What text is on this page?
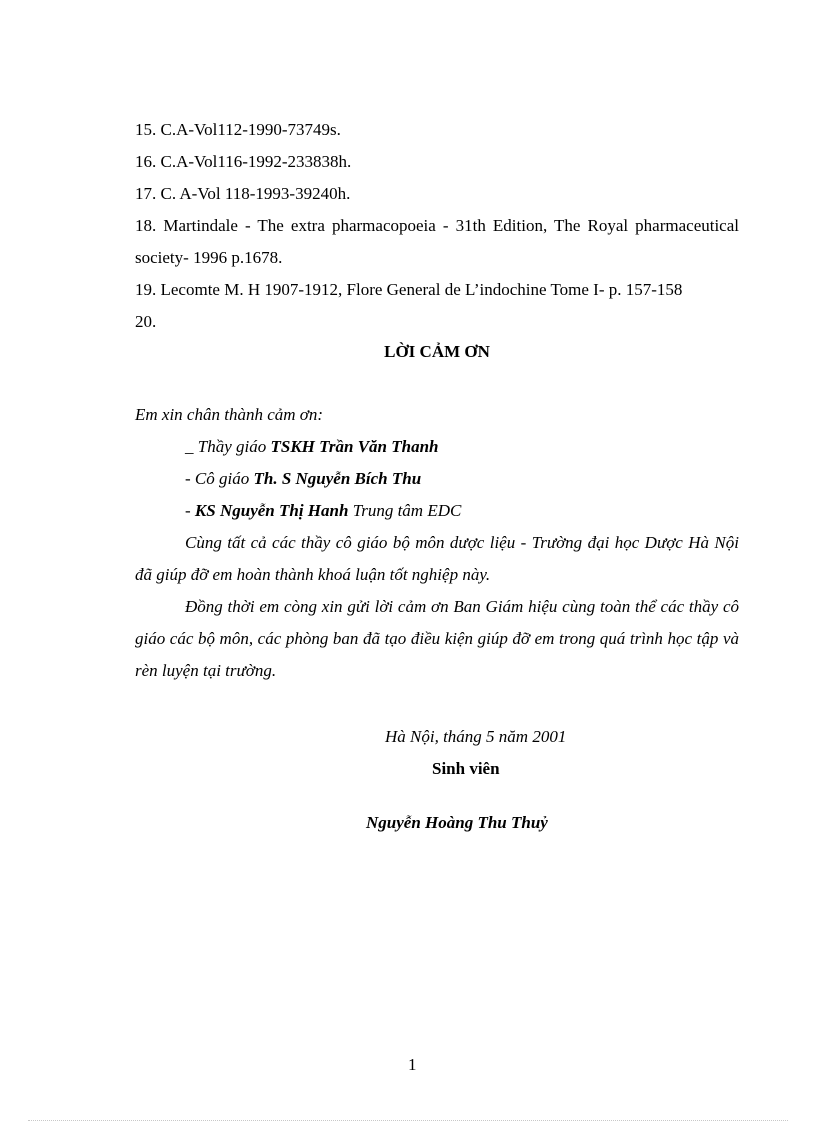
15. C.A-Vol112-1990-73749s.

16. C.A-Vol116-1992-233838h.

17. C. A-Vol 118-1993-39240h.

18. Martindale - The extra pharmacopoeia - 31th Edition, The Royal pharmaceutical society- 1996 p.1678.

19. Lecomte M. H 1907-1912, Flore General de L’indochine Tome I- p. 157-158

20.

LỜI CẢM ƠN

Em xin chân thành cảm ơn:

_ Thầy giáo TSKH Trần Văn Thanh

- Cô giáo Th. S Nguyễn Bích Thu

- KS Nguyễn Thị Hanh Trung tâm EDC

Cùng tất cả các thầy cô giáo bộ môn dược liệu - Trường đại học Dược Hà Nội đã giúp đỡ em hoàn thành khoá luận tốt nghiệp này.

Đồng thời em còng xin gửi lời cảm ơn Ban Giám hiệu cùng toàn thể các thầy cô giáo các bộ môn, các phòng ban đã tạo điều kiện giúp đỡ em trong quá trình học tập và rèn luyện tại trường.

Hà Nội, tháng 5 năm 2001
Sinh viên
Nguyễn Hoàng Thu Thuỷ
1
